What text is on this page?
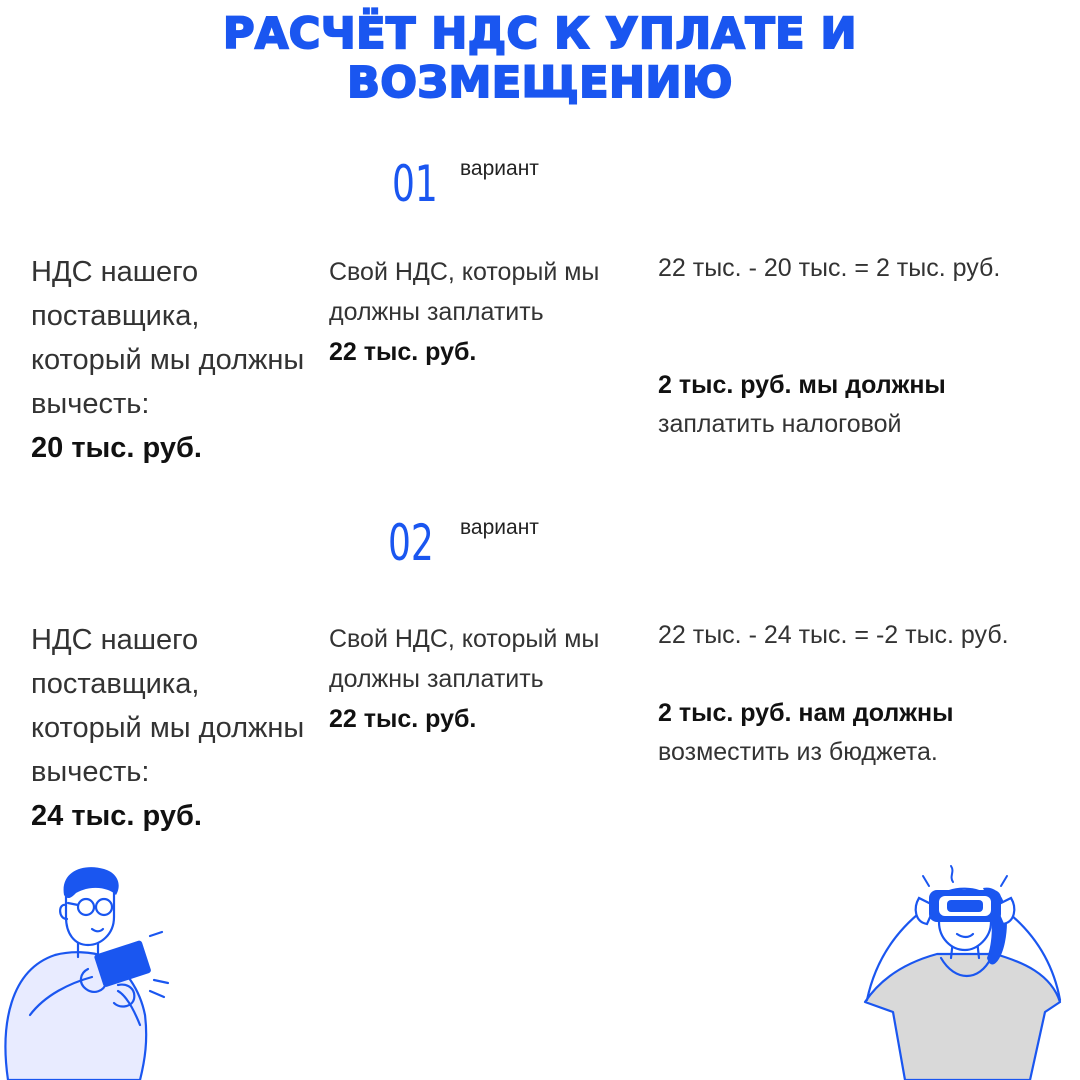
РАСЧЁТ НДС К УПЛАТЕ И
ВОЗМЕЩЕНИЮ
01 вариант
НДС нашего поставщика, который мы должны вычесть:
20 тыс. руб.
Свой НДС, который мы должны заплатить
22 тыс. руб.
22 тыс. - 20 тыс. = 2 тыс. руб.
2 тыс. руб. мы должны
заплатить налоговой
02 вариант
НДС нашего поставщика, который мы должны вычесть:
24 тыс. руб.
Свой НДС, который мы должны заплатить
22 тыс. руб.
22 тыс. - 24 тыс. = -2 тыс. руб.
2 тыс. руб. нам должны
возместить из бюджета.
